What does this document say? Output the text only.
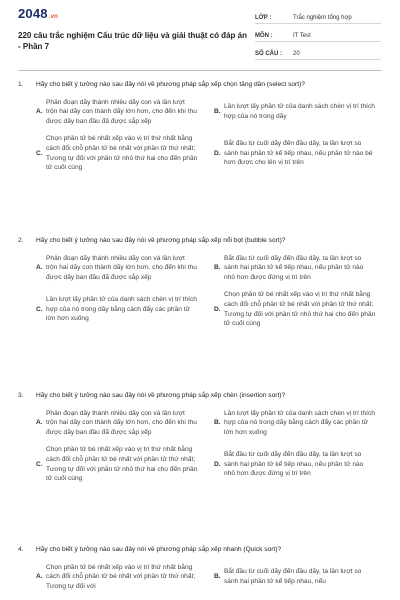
2048.vn
220 câu trắc nghiệm Cấu trúc dữ liệu và giải thuật có đáp án - Phần 7
LỚP :	Trắc nghiệm tổng hợp
MÔN :	IT Test
SỐ CÂU :	20
1.	Hãy cho biết ý tưởng nào sau đây nói về phương pháp sắp xếp chọn tăng dần (select sort)?
A.
Phân đoạn dãy thành nhiều dãy con và lần lượt trộn hai dãy con thành dãy lớn hơn, cho đến khi thu được dãy ban đầu đã được sắp xếp
B.
Lần lượt lấy phần tử của danh sách chèn vị trí thích hợp của nó trong dãy
C.
Chọn phần tử bé nhất xếp vào vị trí thứ nhất bằng cách đổi chỗ phần tử bé nhất với phần tử thứ nhất; Tương tự đối với phần tử nhỏ thứ hai cho đến phần tử cuối cùng
D.
Bắt đầu từ cuối dãy đến đầu dãy, ta lần lượt so sánh hai phần tử kế tiếp nhau, nếu phần tử nào bé hơn được cho lên vị trí trên
2.	Hãy cho biết ý tưởng nào sau đây nói về phương pháp sắp xếp nổi bọt (bubble sort)?
A.
Phân đoạn dãy thành nhiều dãy con và lần lượt trộn hai dãy con thành dãy lớn hơn, cho đến khi thu được dãy ban đầu đã được sắp xếp
B.
Bắt đầu từ cuối dãy đến đầu dãy, ta lần lượt so sánh hai phần tử kế tiếp nhau, nếu phần tử nào nhỏ hơn được đứng vị trí trên
C.
Lần lượt lấy phần tử của danh sách chèn vị trí thích hợp của nó trong dãy bằng cách đẩy các phần tử lớn hơn xuống
D.
Chọn phần tử bé nhất xếp vào vị trí thứ nhất bằng cách đổi chỗ phần tử bé nhất với phần tử thứ nhất; Tương tự đối với phần tử nhỏ thứ hai cho đến phần tử cuối cùng
3.	Hãy cho biết ý tưởng nào sau đây nói về phương pháp sắp xếp chèn (insertion sort)?
A.
Phân đoạn dãy thành nhiều dãy con và lần lượt trộn hai dãy con thành dãy lớn hơn, cho đến khi thu được dãy ban đầu đã được sắp xếp
B.
Lần lượt lấy phần tử của danh sách chèn vị trí thích hợp của nó trong dãy bằng cách đẩy các phần tử lớn hơn xuống
C.
Chọn phần tử bé nhất xếp vào vị trí thứ nhất bằng cách đổi chỗ phần tử bé nhất với phần tử thứ nhất; Tương tự đối với phần tử nhỏ thứ hai cho đến phần tử cuối cùng
D.
Bắt đầu từ cuối dãy đến đầu dãy, ta lần lượt so sánh hai phần tử kế tiếp nhau, nếu phần tử nào nhỏ hơn được đứng vị trí trên
4.	Hãy cho biết ý tưởng nào sau đây nói về phương pháp sắp xếp nhanh (Quick sort)?
A.
Chọn phần tử bé nhất xếp vào vị trí thứ nhất bằng cách đổi chỗ phần tử bé nhất với phần tử thứ nhất; Tương tự đối với
B.
Bắt đầu từ cuối dãy đến đầu dãy, ta lần lượt so sánh hai phần tử kế tiếp nhau, nếu
